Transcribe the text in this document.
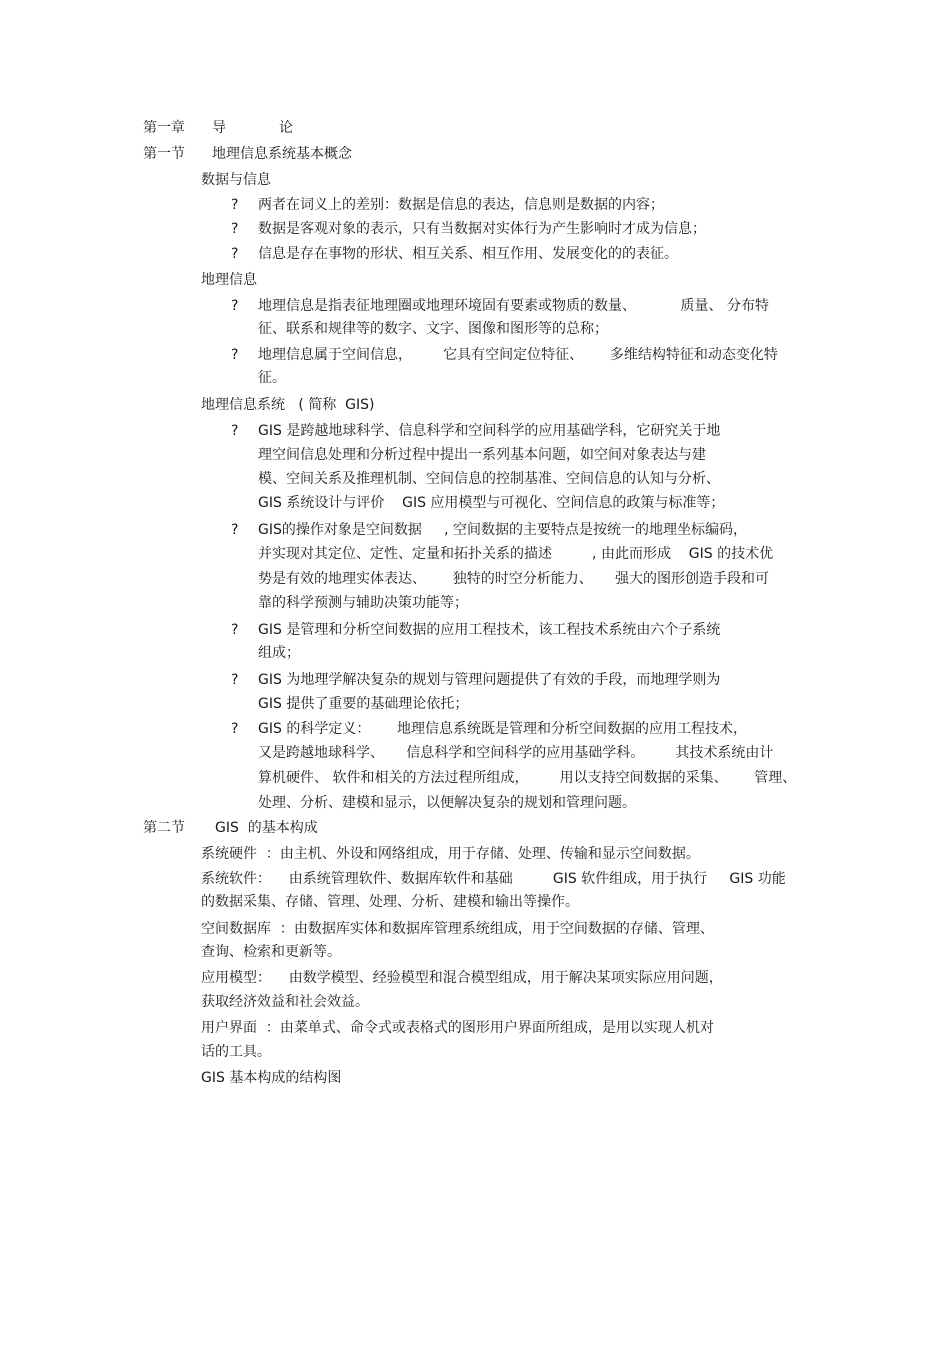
第一章 导	论
第一节 地理信息系统基本概念
数据与信息
? 两者在词义上的差别：数据是信息的表达，信息则是数据的内容；
? 数据是客观对象的表示，只有当数据对实体行为产生影响时才成为信息；
? 信息是存在事物的形状、相互关系、相互作用、发展变化的的表征。
地理信息
? 地理信息是指表征地理圈或地理环境固有要素或物质的数量、          质量、 分布特
征、联系和规律等的数字、文字、图像和图形等的总称；
? 地理信息属于空间信息，       它具有空间定位特征、      多维结构特征和动态变化特
征。
地理信息系统   ( 简称  GIS)
? GIS 是跨越地球科学、信息科学和空间科学的应用基础学科，它研究关于地
理空间信息处理和分析过程中提出一系列基本问题，如空间对象表达与建
模、空间关系及推理机制、空间信息的控制基准、空间信息的认知与分析、
GIS 系统设计与评价    GIS 应用模型与可视化、空间信息的政策与标准等；
? GIS的操作对象是空间数据     , 空间数据的主要特点是按统一的地理坐标编码，
并实现对其定位、定性、定量和拓扑关系的描述         , 由此而形成    GIS 的技术优
势是有效的地理实体表达、      独特的时空分析能力、     强大的图形创造手段和可
靠的科学预测与辅助决策功能等；
? GIS 是管理和分析空间数据的应用工程技术，该工程技术系统由六个子系统
组成；
? GIS 为地理学解决复杂的规划与管理问题提供了有效的手段，而地理学则为
GIS 提供了重要的基础理论依托；
? GIS 的科学定义：      地理信息系统既是管理和分析空间数据的应用工程技术，
又是跨越地球科学、     信息科学和空间科学的应用基础学科。       其技术系统由计
算机硬件、 软件和相关的方法过程所组成，       用以支持空间数据的采集、      管理、
处理、分析、建模和显示，以便解决复杂的规划和管理问题。
第二节 GIS  的基本构成
系统硬件  ：由主机、外设和网络组成，用于存储、处理、传输和显示空间数据。
系统软件：    由系统管理软件、数据库软件和基础         GIS 软件组成，用于执行     GIS 功能
的数据采集、存储、管理、处理、分析、建模和输出等操作。
空间数据库  ：由数据库实体和数据库管理系统组成，用于空间数据的存储、管理、
查询、检索和更新等。
应用模型：    由数学模型、经验模型和混合模型组成，用于解决某项实际应用问题，
获取经济效益和社会效益。
用户界面  ：由菜单式、命令式或表格式的图形用户界面所组成，是用以实现人机对
话的工具。
GIS 基本构成的结构图
